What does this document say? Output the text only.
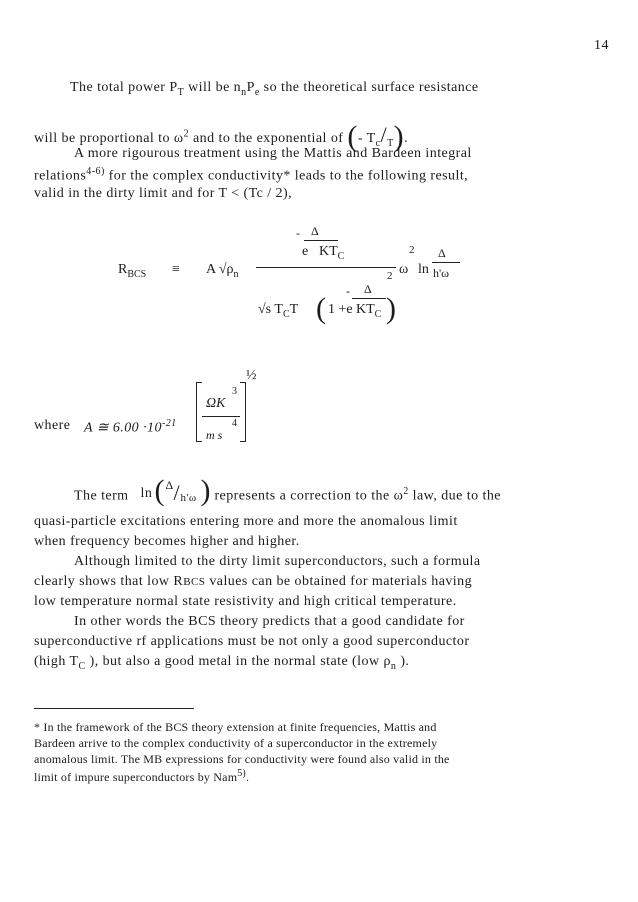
14
The total power $P_T$ will be $n_nP_e$ so the theoretical surface resistance
will be proportional to $\omega^2$ and to the exponential of (- $T_c/_T$).
A more rigourous treatment using the Mattis and Bardeen integral
relations$^{4-6)}$ for the complex conductivity* leads to the following result,
valid in the dirty limit and for T < (Tc / 2),
$R_{BCS} \equiv A$ $√\rho_n$
Δ
-
e $KT_C$
√s $T_CT$ ( 1 +e
Δ
-
$KT_C$ )
2 ω
2
ln
Δ
h'ω
where A ≅ $6.00 \cdot 10^{-21}$
ΩK
3
m s
4
½
The term ln ( Δ / h'ω ) represents a correction to the $\omega^2$ law, due to the
quasi-particle excitations entering more and more the anomalous limit
when frequency becomes higher and higher.
Although limited to the dirty limit superconductors, such a formula
clearly shows that low RBCS values can be obtained for materials having
low temperature normal state resistivity and high critical temperature.
In other words the BCS theory predicts that a good candidate for
superconductive rf applications must be not only a good superconductor
(high $T_C$ ), but also a good metal in the normal state (low $\rho_n$ ).
* In the framework of the BCS theory extension at finite frequencies, Mattis and
Bardeen arrive to the complex conductivity of a superconductor in the extremely
anomalous limit. The MB expressions for conductivity were found also valid in the
limit of impure superconductors by Nam$^{5)}$.
